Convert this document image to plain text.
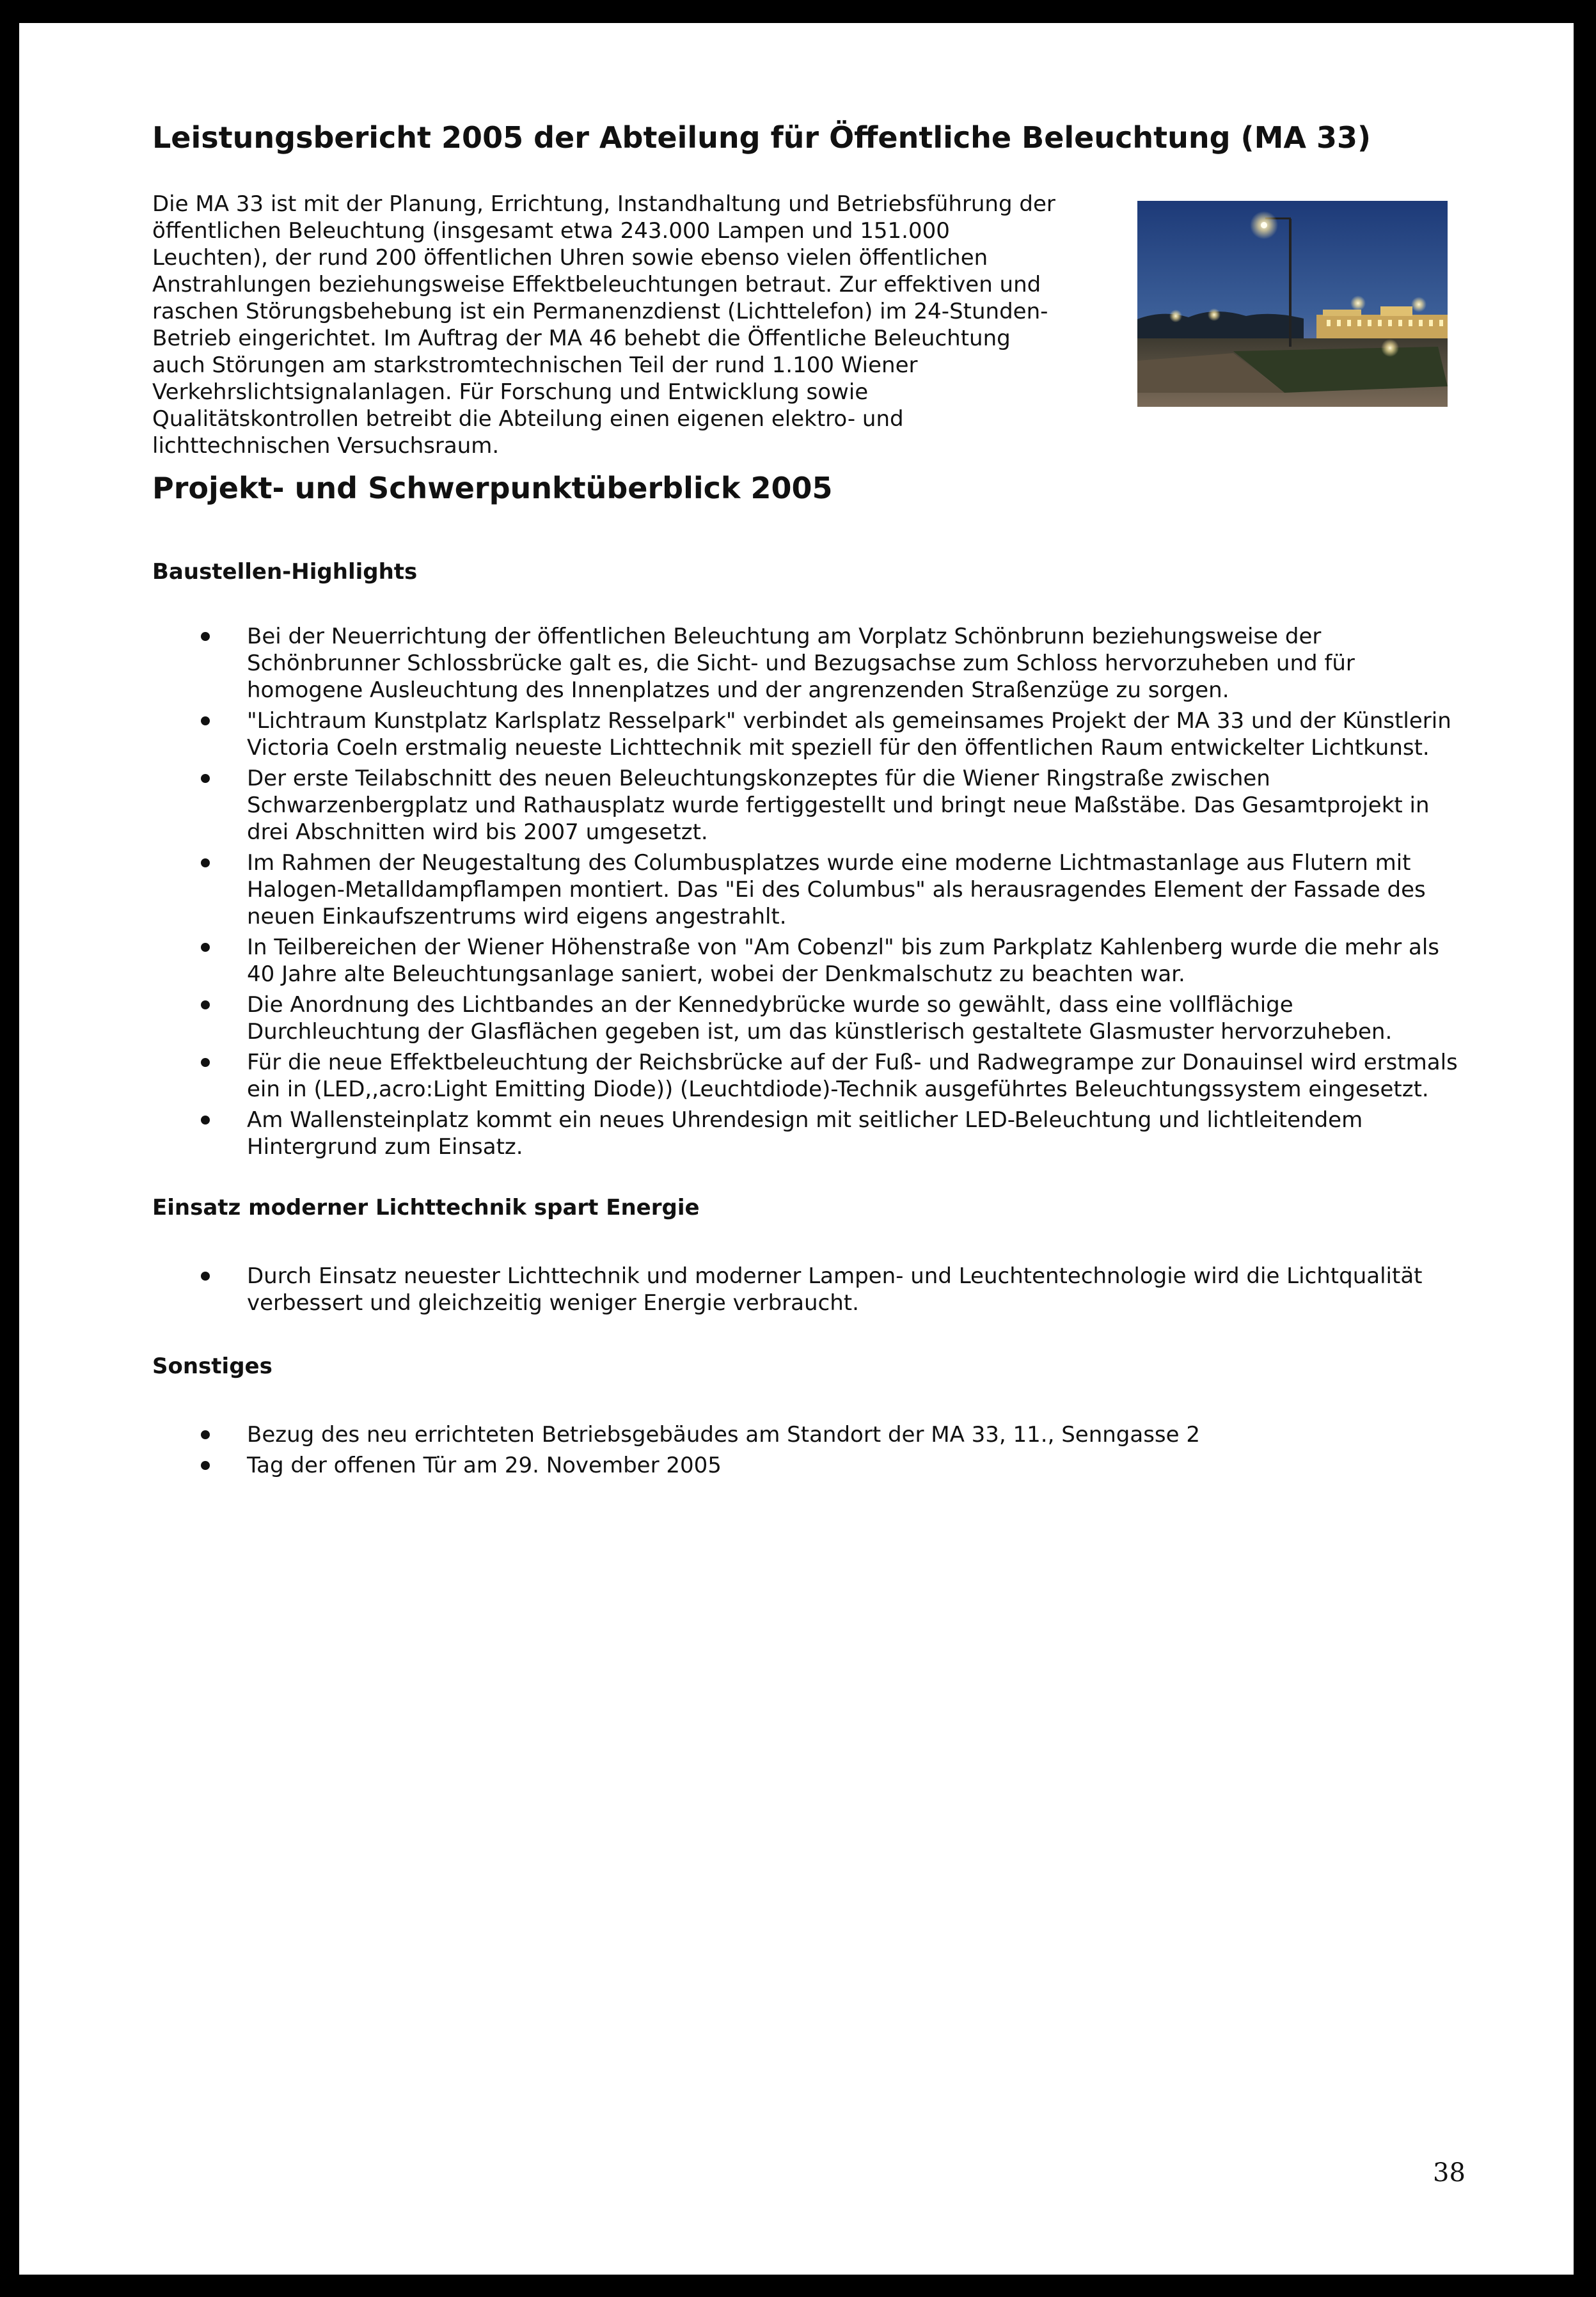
Leistungsbericht 2005 der Abteilung für Öffentliche Beleuchtung (MA 33)
Die MA 33 ist mit der Planung, Errichtung, Instandhaltung und Betriebsführung der öffentlichen Beleuchtung (insgesamt etwa 243.000 Lampen und 151.000 Leuchten), der rund 200 öffentlichen Uhren sowie ebenso vielen öffentlichen Anstrahlungen beziehungsweise Effektbeleuchtungen betraut. Zur effektiven und raschen Störungsbehebung ist ein Permanenzdienst (Lichttelefon) im 24-Stunden-Betrieb eingerichtet. Im Auftrag der MA 46 behebt die Öffentliche Beleuchtung auch Störungen am starkstromtechnischen Teil der rund 1.100 Wiener Verkehrslichtsignalanlagen. Für Forschung und Entwicklung sowie Qualitätskontrollen betreibt die Abteilung einen eigenen elektro- und lichttechnischen Versuchsraum.
Projekt- und Schwerpunktüberblick 2005
Baustellen-Highlights
Bei der Neuerrichtung der öffentlichen Beleuchtung am Vorplatz Schönbrunn beziehungsweise der Schönbrunner Schlossbrücke galt es, die Sicht- und Bezugsachse zum Schloss hervorzuheben und für homogene Ausleuchtung des Innenplatzes und der angrenzenden Straßenzüge zu sorgen.
"Lichtraum Kunstplatz Karlsplatz Resselpark" verbindet als gemeinsames Projekt der MA 33 und der Künstlerin Victoria Coeln erstmalig neueste Lichttechnik mit speziell für den öffentlichen Raum entwickelter Lichtkunst.
Der erste Teilabschnitt des neuen Beleuchtungskonzeptes für die Wiener Ringstraße zwischen Schwarzenbergplatz und Rathausplatz wurde fertiggestellt und bringt neue Maßstäbe. Das Gesamtprojekt in drei Abschnitten wird bis 2007 umgesetzt.
Im Rahmen der Neugestaltung des Columbusplatzes wurde eine moderne Lichtmastanlage aus Flutern mit Halogen-Metalldampflampen montiert. Das "Ei des Columbus" als herausragendes Element der Fassade des neuen Einkaufszentrums wird eigens angestrahlt.
In Teilbereichen der Wiener Höhenstraße von "Am Cobenzl" bis zum Parkplatz Kahlenberg wurde die mehr als 40 Jahre alte Beleuchtungsanlage saniert, wobei der Denkmalschutz zu beachten war.
Die Anordnung des Lichtbandes an der Kennedybrücke wurde so gewählt, dass eine vollflächige Durchleuchtung der Glasflächen gegeben ist, um das künstlerisch gestaltete Glasmuster hervorzuheben.
Für die neue Effektbeleuchtung der Reichsbrücke auf der Fuß- und Radwegrampe zur Donauinsel wird erstmals ein in (LED,,acro:Light Emitting Diode)) (Leuchtdiode)-Technik ausgeführtes Beleuchtungssystem eingesetzt.
Am Wallensteinplatz kommt ein neues Uhrendesign mit seitlicher LED-Beleuchtung und lichtleitendem Hintergrund zum Einsatz.
Einsatz moderner Lichttechnik spart Energie
Durch Einsatz neuester Lichttechnik und moderner Lampen- und Leuchtentechnologie wird die Lichtqualität verbessert und gleichzeitig weniger Energie verbraucht.
Sonstiges
Bezug des neu errichteten Betriebsgebäudes am Standort der MA 33, 11., Senngasse 2
Tag der offenen Tür am 29. November 2005
38
